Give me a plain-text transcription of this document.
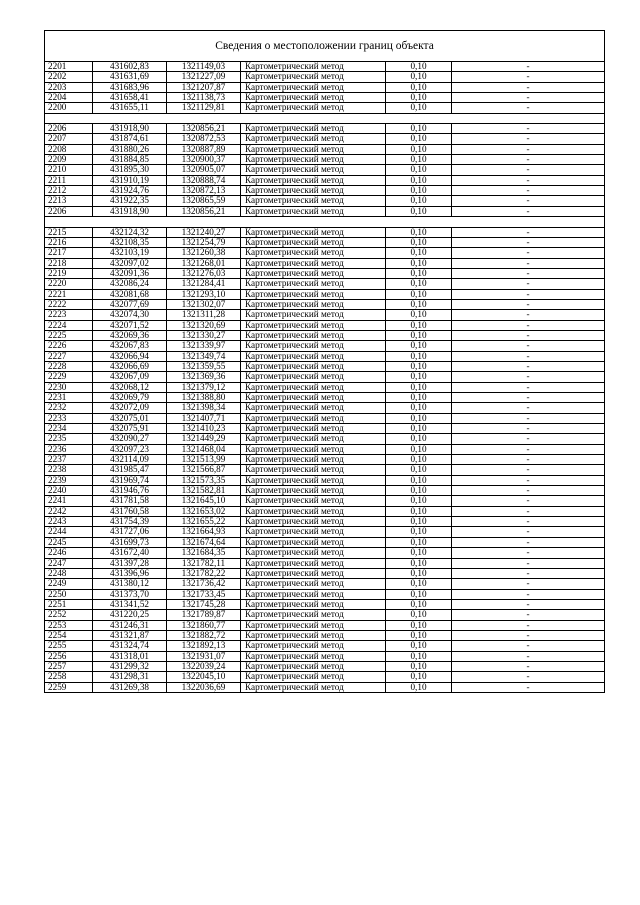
Сведения о местоположении границ объекта					
2201	431602,83	1321149,03	Картометрический метод	0,10	-
2202	431631,69	1321227,09	Картометрический метод	0,10	-
2203	431683,96	1321207,87	Картометрический метод	0,10	-
2204	431658,41	1321138,73	Картометрический метод	0,10	-
2200	431655,11	1321129,81	Картометрический метод	0,10	-

2206	431918,90	1320856,21	Картометрический метод	0,10	-
2207	431874,61	1320872,53	Картометрический метод	0,10	-
2208	431880,26	1320887,89	Картометрический метод	0,10	-
2209	431884,85	1320900,37	Картометрический метод	0,10	-
2210	431895,30	1320905,07	Картометрический метод	0,10	-
2211	431910,19	1320888,74	Картометрический метод	0,10	-
2212	431924,76	1320872,13	Картометрический метод	0,10	-
2213	431922,35	1320865,59	Картометрический метод	0,10	-
2206	431918,90	1320856,21	Картометрический метод	0,10	-

2215	432124,32	1321240,27	Картометрический метод	0,10	-
2216	432108,35	1321254,79	Картометрический метод	0,10	-
2217	432103,19	1321260,38	Картометрический метод	0,10	-
2218	432097,02	1321268,01	Картометрический метод	0,10	-
2219	432091,36	1321276,03	Картометрический метод	0,10	-
2220	432086,24	1321284,41	Картометрический метод	0,10	-
2221	432081,68	1321293,10	Картометрический метод	0,10	-
2222	432077,69	1321302,07	Картометрический метод	0,10	-
2223	432074,30	1321311,28	Картометрический метод	0,10	-
2224	432071,52	1321320,69	Картометрический метод	0,10	-
2225	432069,36	1321330,27	Картометрический метод	0,10	-
2226	432067,83	1321339,97	Картометрический метод	0,10	-
2227	432066,94	1321349,74	Картометрический метод	0,10	-
2228	432066,69	1321359,55	Картометрический метод	0,10	-
2229	432067,09	1321369,36	Картометрический метод	0,10	-
2230	432068,12	1321379,12	Картометрический метод	0,10	-
2231	432069,79	1321388,80	Картометрический метод	0,10	-
2232	432072,09	1321398,34	Картометрический метод	0,10	-
2233	432075,01	1321407,71	Картометрический метод	0,10	-
2234	432075,91	1321410,23	Картометрический метод	0,10	-
2235	432090,27	1321449,29	Картометрический метод	0,10	-
2236	432097,23	1321468,04	Картометрический метод	0,10	-
2237	432114,09	1321513,99	Картометрический метод	0,10	-
2238	431985,47	1321566,87	Картометрический метод	0,10	-
2239	431969,74	1321573,35	Картометрический метод	0,10	-
2240	431946,76	1321582,81	Картометрический метод	0,10	-
2241	431781,58	1321645,10	Картометрический метод	0,10	-
2242	431760,58	1321653,02	Картометрический метод	0,10	-
2243	431754,39	1321655,22	Картометрический метод	0,10	-
2244	431727,06	1321664,93	Картометрический метод	0,10	-
2245	431699,73	1321674,64	Картометрический метод	0,10	-
2246	431672,40	1321684,35	Картометрический метод	0,10	-
2247	431397,28	1321782,11	Картометрический метод	0,10	-
2248	431396,96	1321782,22	Картометрический метод	0,10	-
2249	431380,12	1321736,42	Картометрический метод	0,10	-
2250	431373,70	1321733,45	Картометрический метод	0,10	-
2251	431341,52	1321745,28	Картометрический метод	0,10	-
2252	431220,25	1321789,87	Картометрический метод	0,10	-
2253	431246,31	1321860,77	Картометрический метод	0,10	-
2254	431321,87	1321882,72	Картометрический метод	0,10	-
2255	431324,74	1321892,13	Картометрический метод	0,10	-
2256	431318,01	1321931,07	Картометрический метод	0,10	-
2257	431299,32	1322039,24	Картометрический метод	0,10	-
2258	431298,31	1322045,10	Картометрический метод	0,10	-
2259	431269,38	1322036,69	Картометрический метод	0,10	-
